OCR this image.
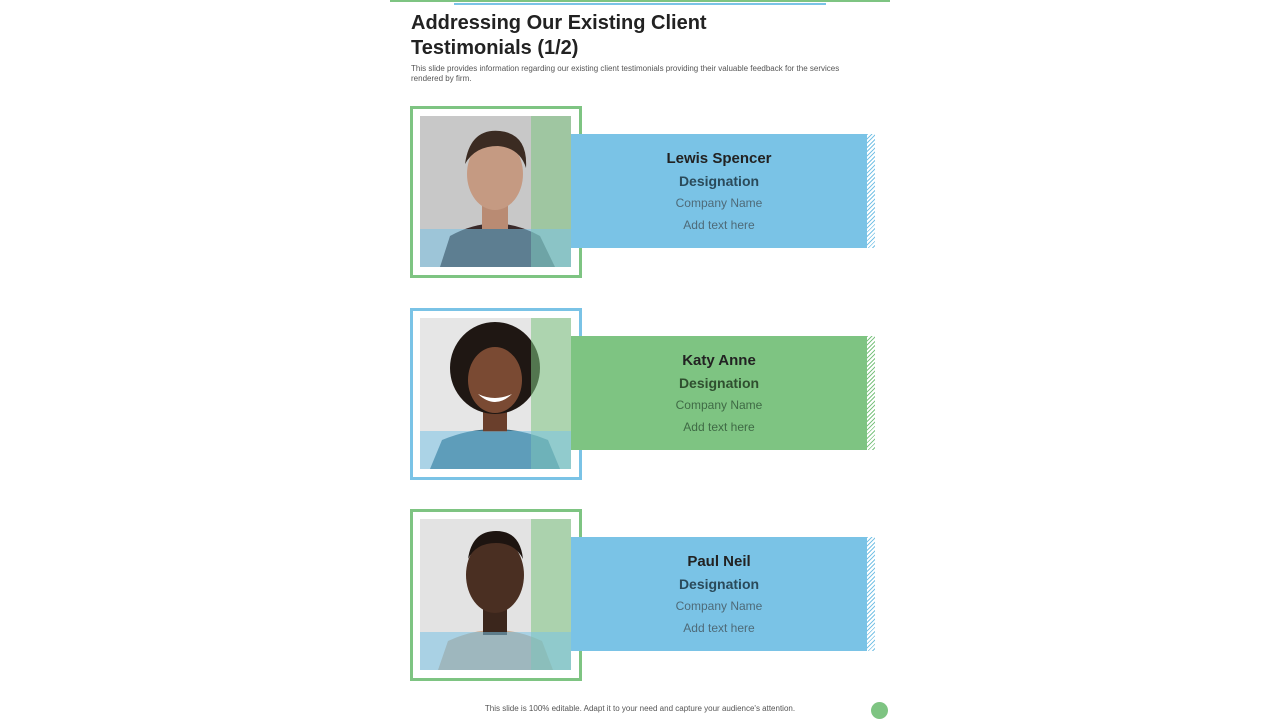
Addressing Our Existing Client Testimonials (1/2)

This slide provides information regarding our existing client testimonials providing their valuable feedback for the services rendered by firm.

Lewis Spencer

Designation

Company Name

Add text here

Katy Anne

Designation

Company Name

Add text here

Paul Neil

Designation

Company Name

Add text here

This slide is 100% editable. Adapt it to your need and capture your audience's attention.
